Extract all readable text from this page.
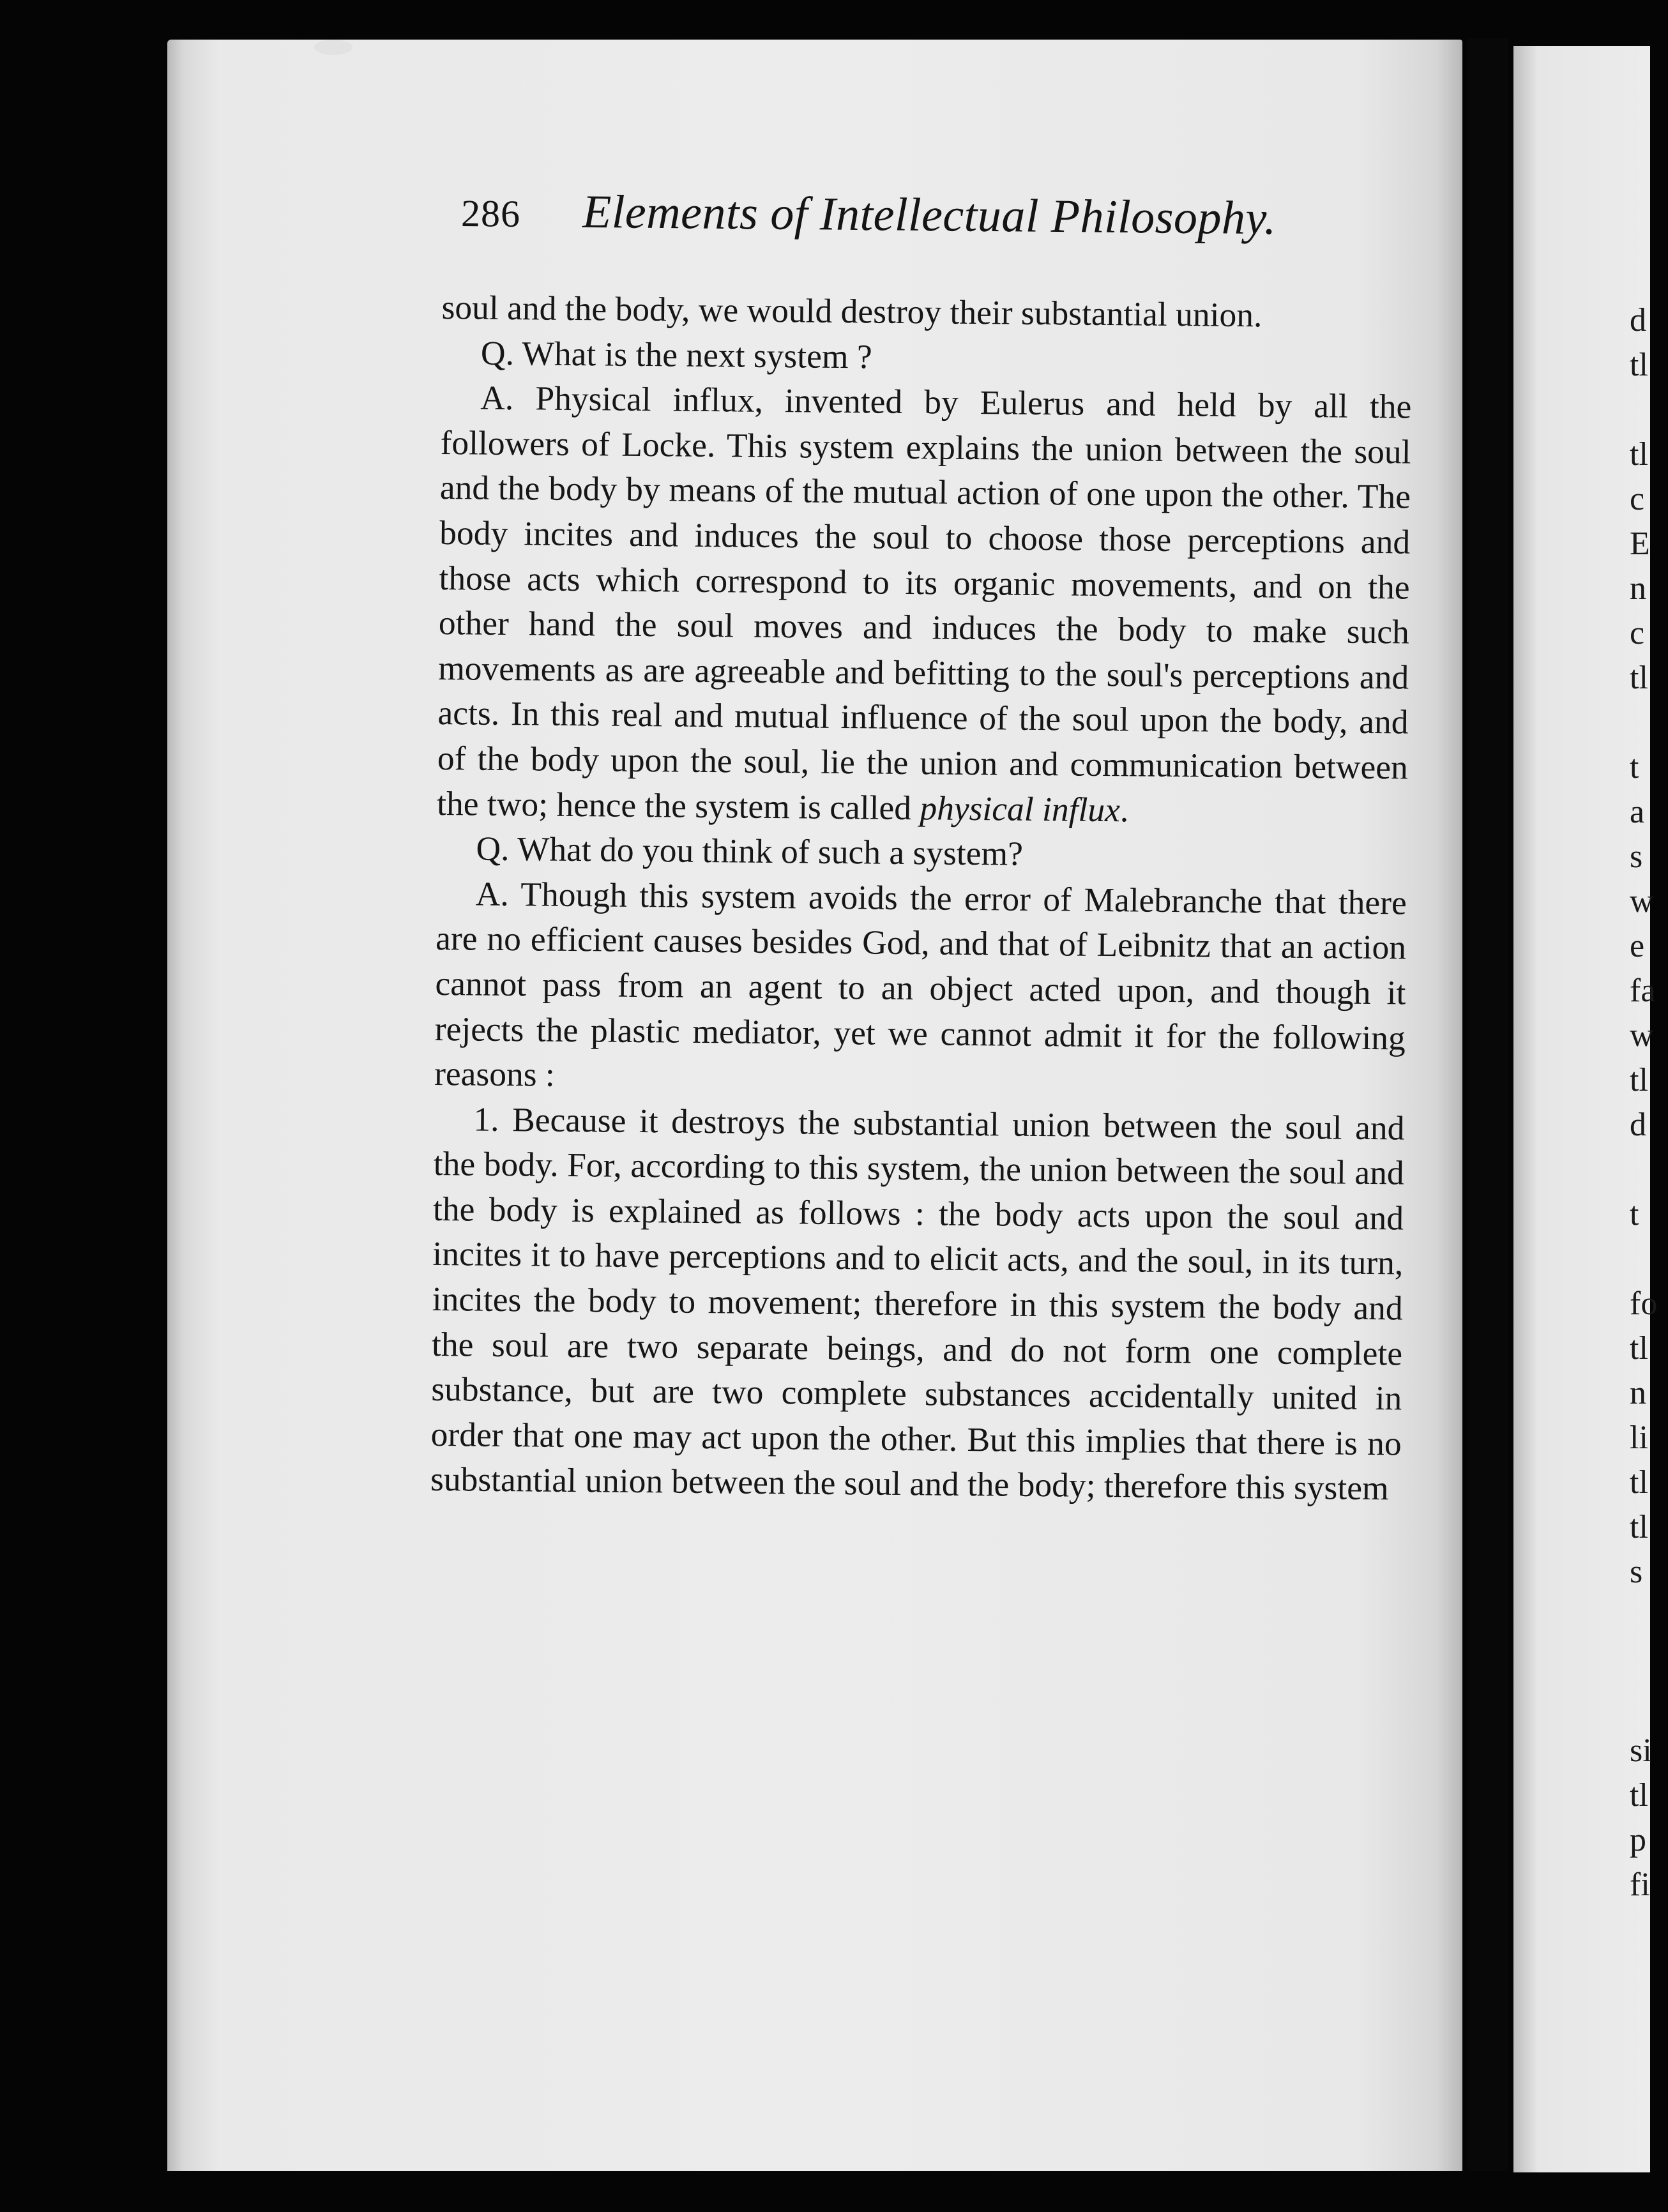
286 Elements of Intellectual Philosophy.

soul and the body, we would destroy their substantial union.

Q. What is the next system ?

A. Physical influx, invented by Eulerus and held by all the followers of Locke. This system explains the union between the soul and the body by means of the mutual action of one upon the other. The body incites and induces the soul to choose those perceptions and those acts which correspond to its organic movements, and on the other hand the soul moves and induces the body to make such movements as are agreeable and befitting to the soul's perceptions and acts. In this real and mutual influence of the soul upon the body, and of the body upon the soul, lie the union and communication between the two; hence the system is called physical influx.

Q. What do you think of such a system?

A. Though this system avoids the error of Malebranche that there are no efficient causes besides God, and that of Leibnitz that an action cannot pass from an agent to an object acted upon, and though it rejects the plastic mediator, yet we cannot admit it for the following reasons :

1. Because it destroys the substantial union between the soul and the body. For, according to this system, the union between the soul and the body is explained as follows : the body acts upon the soul and incites it to have perceptions and to elicit acts, and the soul, in its turn, incites the body to movement; therefore in this system the body and the soul are two separate beings, and do not form one complete substance, but are two complete substances accidentally united in order that one may act upon the other. But this implies that there is no substantial union between the soul and the body; therefore this system

d
tl
tl
c
E
n
c
tl
t
a
s
w
e
fa
w
tl
d
t
fo
tl
n
li
tl
tl
s
si
tl
p
fi
